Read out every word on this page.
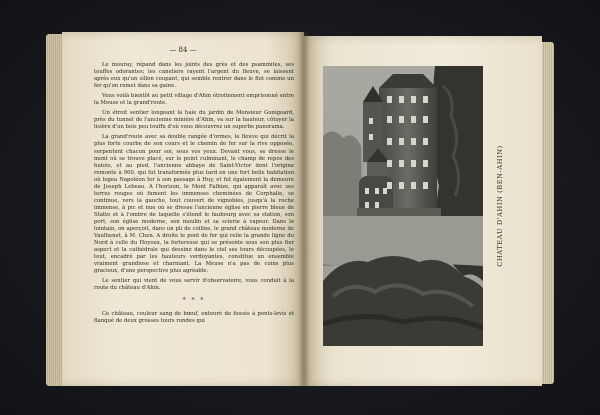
— 84 —

Le mouray, répand dans les joints des grès et des psammites, ses touffes odorantes; les caneliers rayent l'argent du fleuve, se laissent après eux qu'un sillon coupant, qui semble rentrer dans le flot comme un fer qu'on remet dans sa gaine.

Vous voilà bientôt au petit village d'Ahin étroitement emprisonné entre la Meuse et la grand'route.

Un étroit sentier longeant la haie du jardin de Monsieur Gonigoard, près du tunnel de l'ancienne minière d'Ahin, va sur la hauteur, côtoyer la lisière d'un bois peu touffu d'où vous découvrez un superbe panorama.

La grand'route avec sa double rangée d'ormes, le fleuve qui décrit la plus forte courbe de son cours et le chemin de fer sur la rive opposée, serpentent chacun pour soi, sous vos yeux. Devant vous, se dresse le mont où se trouve placé, sur le point culminant, le champ de repos des hutois, et au pied, l'ancienne abbaye de Saint-Victor dont l'origine remonte à 900, qui fut transformée plus tard en une fort belle habitation où logea Napoléon Ier à son passage à Huy, et fut également la demeure de Joseph Lebeau. A l'horizon, le Mont Falhize, qui apparaît avec ses terres rouges où fument les immenses cheminées de Corphalie, se continue, vers la gauche, tout couvert de vignobles, jusqu'à la roche immense, à pic et nue où se dresse l'ancienne église en pierre bleue de Statte et à l'ombre de laquelle s'étend le faubourg avec sa station, son port, son église moderne, son moulin et sa scierie à vapeur. Dans le lointain, on aperçoit, dans un pli de colline, le grand château moderne de Vaulhenet, à M. Chen. A droite le pont de fer qui relie la grande ligne du Nord à celle du Hoyoux, la forteresse qui se présente sous son plus fier aspect et la cathédrale qui dessine dans le ciel ses tours découpées, le tout, encadré par les hauteurs verdoyantes, constitue un ensemble vraiment grandiose et charmant. La Meuse n'a pas de coins plus gracieux, d'une perspective plus agréable.

Le sentier qui vient de vous servir d'observatoire, vous conduit à la route du château d'Ahin.

* * *

Ce château, couleur sang de bœuf, entouré de fossés à ponts-levis et flanqué de deux grosses tours rondes qui

CHATEAU D'AHIN (BEN-AHIN)
